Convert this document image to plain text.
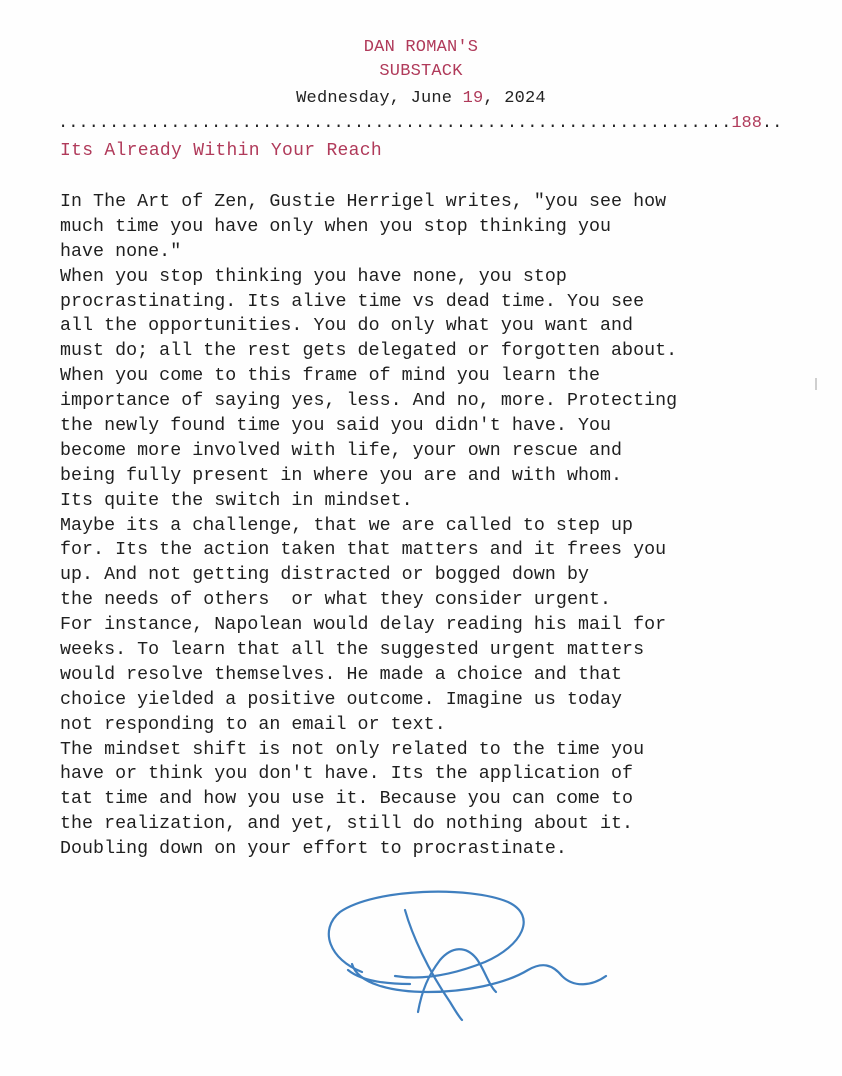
DAN ROMAN'S
SUBSTACK
Wednesday, June 19, 2024
..................................................................188..
Its Already Within Your Reach
In The Art of Zen, Gustie Herrigel writes, "you see how
much time you have only when you stop thinking you
have none."
When you stop thinking you have none, you stop
procrastinating. Its alive time vs dead time. You see
all the opportunities. You do only what you want and
must do; all the rest gets delegated or forgotten about.
When you come to this frame of mind you learn the
importance of saying yes, less. And no, more. Protecting
the newly found time you said you didn't have. You
become more involved with life, your own rescue and
being fully present in where you are and with whom.
Its quite the switch in mindset.
Maybe its a challenge, that we are called to step up
for. Its the action taken that matters and it frees you
up. And not getting distracted or bogged down by
the needs of others  or what they consider urgent.
For instance, Napolean would delay reading his mail for
weeks. To learn that all the suggested urgent matters
would resolve themselves. He made a choice and that
choice yielded a positive outcome. Imagine us today
not responding to an email or text.
The mindset shift is not only related to the time you
have or think you don't have. Its the application of
tat time and how you use it. Because you can come to
the realization, and yet, still do nothing about it.
Doubling down on your effort to procrastinate.
